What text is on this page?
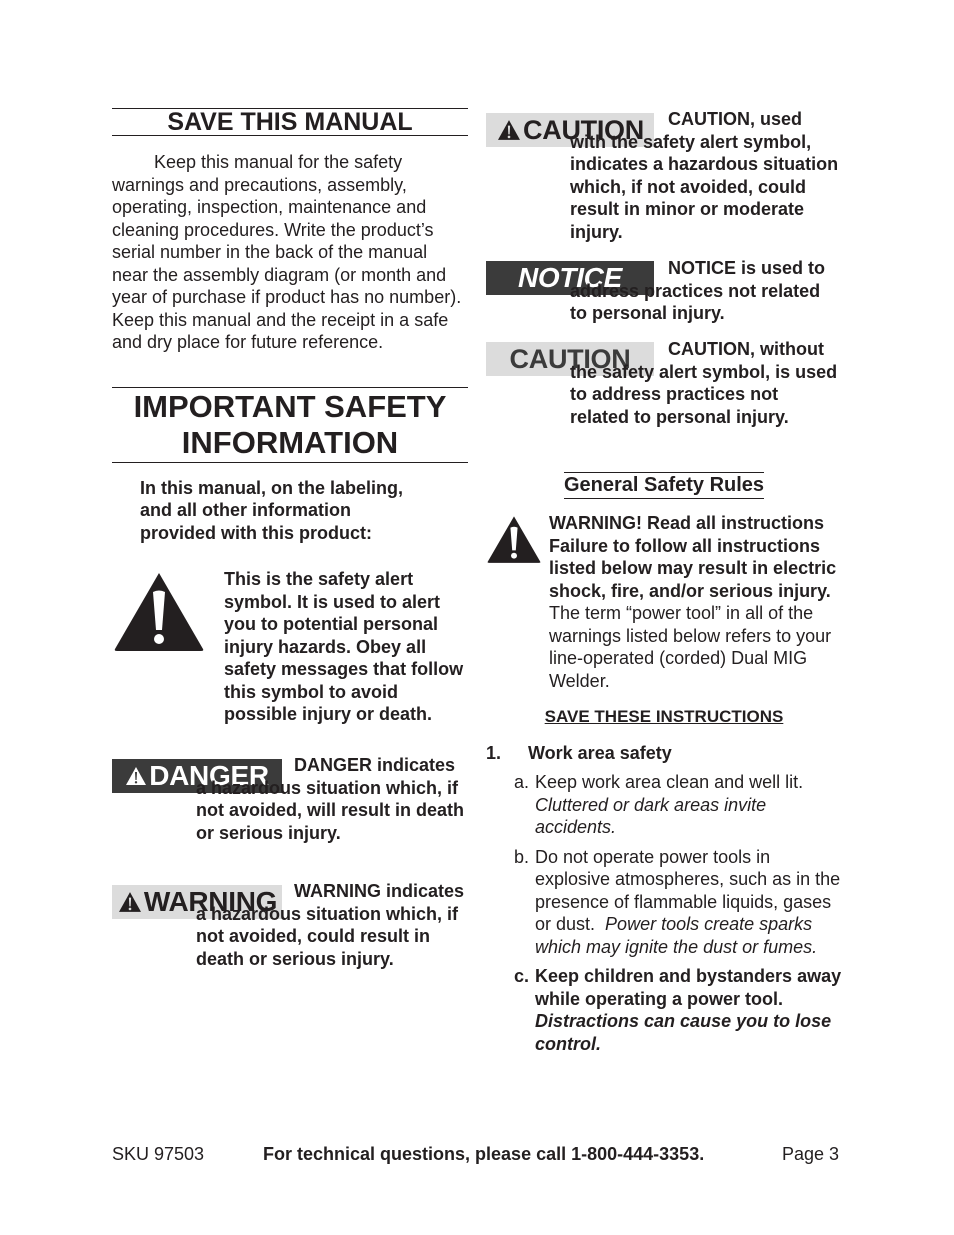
SAVE THIS MANUAL

Keep this manual for the safety warnings and precautions, assembly, operating, inspection, maintenance and cleaning procedures. Write the product’s serial number in the back of the manual near the assembly diagram (or month and year of purchase if product has no number). Keep this manual and the receipt in a safe and dry place for future reference.

IMPORTANT SAFETY
INFORMATION

In this manual, on the labeling, and all other information provided with this product:

This is the safety alert symbol. It is used to alert you to potential personal injury hazards. Obey all safety messages that follow this symbol to avoid possible injury or death.

DANGER	DANGER indicates a hazardous situation which, if not avoided, will result in death or serious injury.
WARNING WARNING indicates a hazardous situation which, if not avoided, could result in death or serious injury.
CAUTION	CAUTION, used with the safety alert symbol, indicates a hazardous situation which, if not avoided, could result in minor or moderate injury.
NOTICE	NOTICE is used to address practices not related to personal injury.
CAUTION	CAUTION, without the safety alert symbol, is used to address practices not related to personal injury.
General Safety Rules

WARNING! Read all instructions Failure to follow all instructions listed below may result in electric shock, fire, and/or serious injury. The term “power tool” in all of the warnings listed below refers to your line-operated (corded) Dual MIG Welder.

SAVE THESE INSTRUCTIONS
1. Work area safety
a. Keep work area clean and well lit.  Cluttered or dark areas invite accidents.
b. Do not operate power tools in explosive atmospheres, such as in the presence of flammable liquids, gases or dust. Power tools create sparks which may ignite the dust or fumes.
c. Keep children and bystanders away while operating a power tool.  Distractions can cause you to lose control.
SKU 97503	For technical questions, please call 1-800-444-3353.	Page 3
